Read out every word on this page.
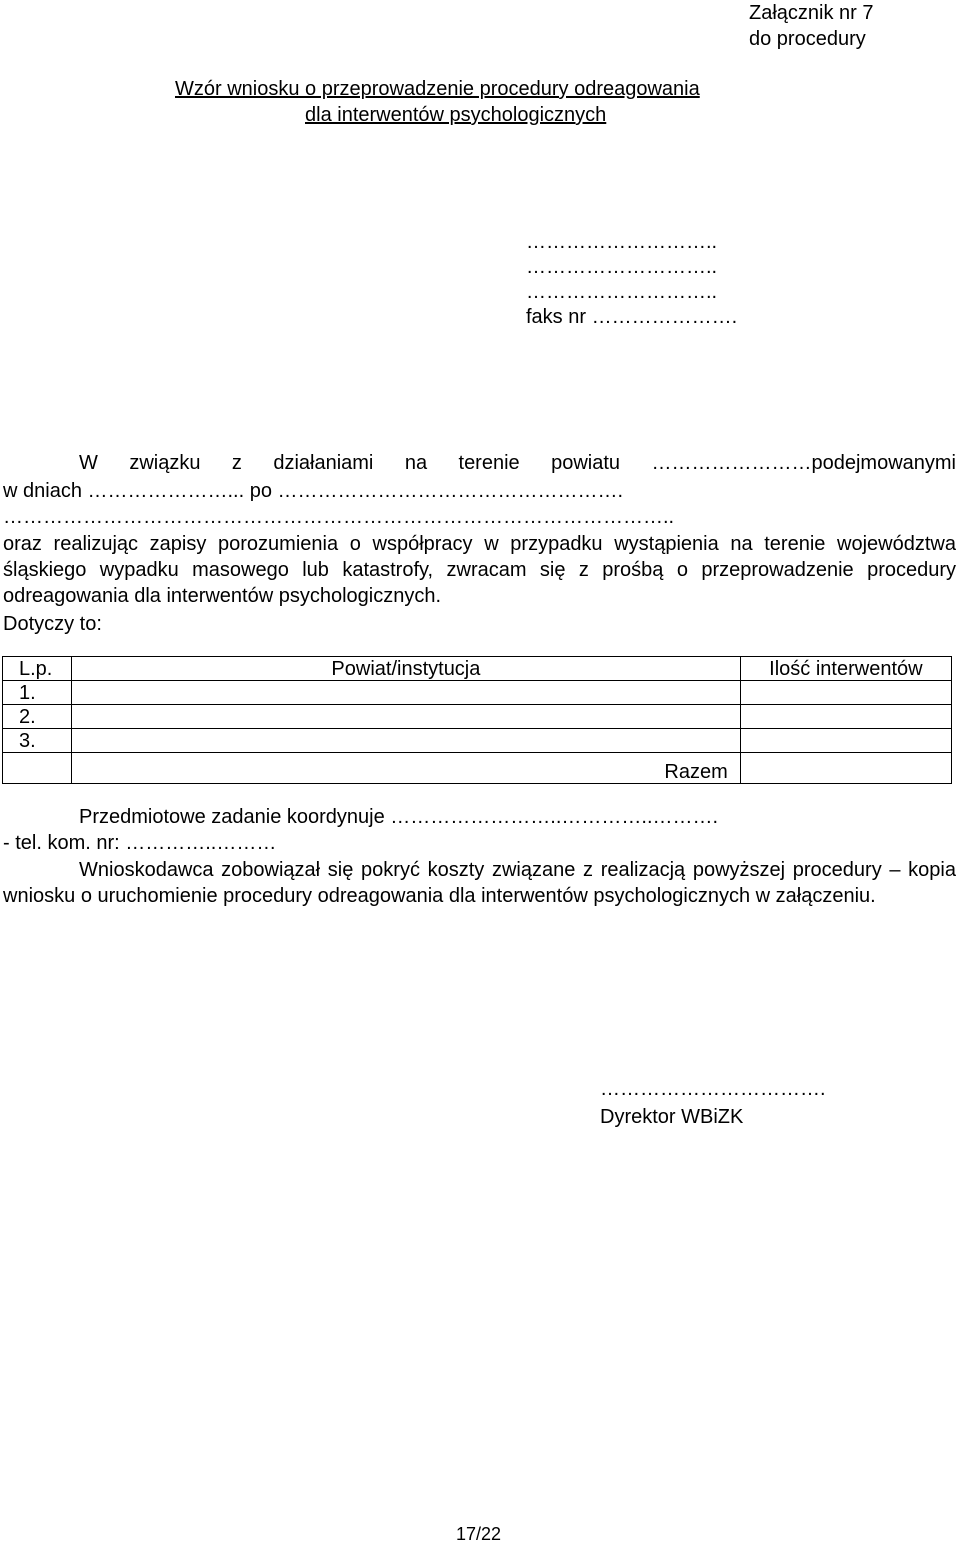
Załącznik nr 7
do procedury
Wzór wniosku o przeprowadzenie procedury odreagowania
dla interwentów psychologicznych
………………………..
………………………..
………………………..
faks nr ………………….
W związku z działaniami na terenie powiatu ……………………podejmowanymi
w dniach …………………... po …………………………………………….
………………………………………………………………………………………..
oraz realizując zapisy porozumienia o współpracy w przypadku wystąpienia na terenie województwa śląskiego wypadku masowego lub katastrofy, zwracam się z prośbą o przeprowadzenie procedury odreagowania dla interwentów psychologicznych.
Dotyczy to:
L.p.	Powiat/instytucja	Ilość interwentów
1.		
2.		
3.		
	Razem	
Przedmiotowe zadanie koordynuje ……………………..…………..……….
- tel. kom. nr: …………..………
Wnioskodawca zobowiązał się pokryć koszty związane z realizacją powyższej procedury – kopia wniosku o uruchomienie procedury odreagowania dla interwentów psychologicznych w załączeniu.
…………………………….
Dyrektor WBiZK
17/22
